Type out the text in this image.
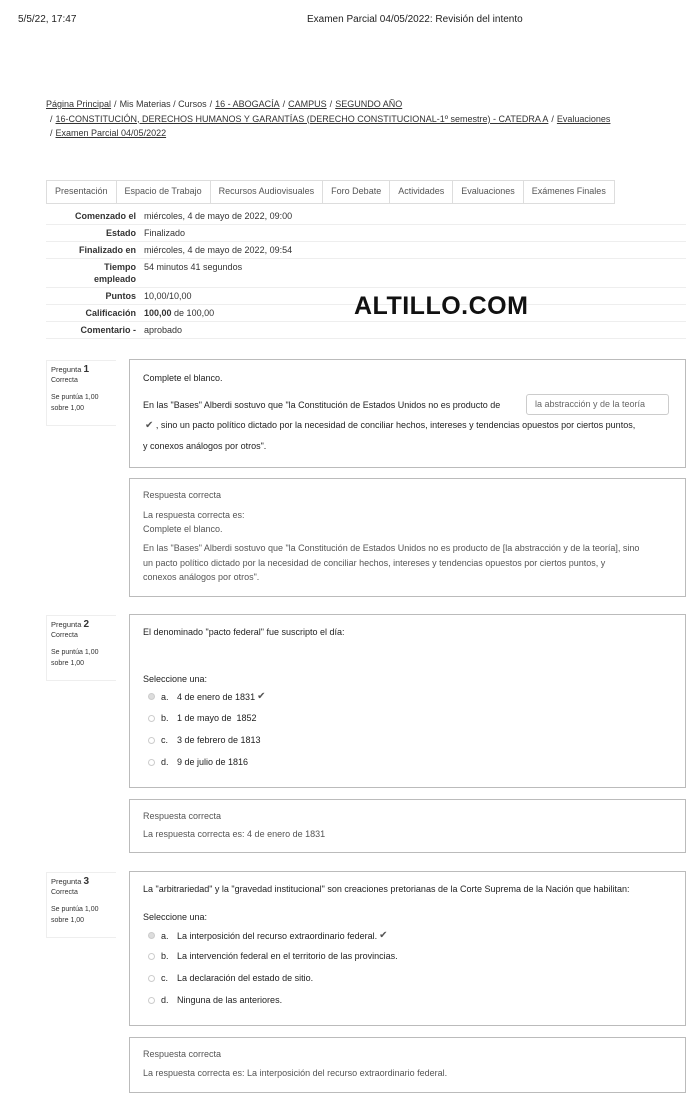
5/5/22, 17:47	Examen Parcial 04/05/2022: Revisión del intento
Página Principal / Mis Materias / Cursos / 16 - ABOGACÍA / CAMPUS / SEGUNDO AÑO
/ 16-CONSTITUCIÓN, DERECHOS HUMANOS Y GARANTÍAS (DERECHO CONSTITUCIONAL-1º semestre) - CATEDRA A / Evaluaciones
/ Examen Parcial 04/05/2022
Presentación	Espacio de Trabajo	Recursos Audiovisuales	Foro Debate	Actividades	Evaluaciones	Exámenes Finales
Comenzado el	miércoles, 4 de mayo de 2022, 09:00
Estado	Finalizado
Finalizado en	miércoles, 4 de mayo de 2022, 09:54
Tiempo
empleado	54 minutos 41 segundos
Puntos	10,00/10,00
Calificación	100,00 de 100,00
Comentario -	aprobado
ALTILLO.COM
Pregunta 1
Correcta
Se puntúa 1,00
sobre 1,00
Complete el blanco.
En las "Bases" Alberdi sostuvo que "la Constitución de Estados Unidos no es producto de	la abstracción y de la teoría
✔ , sino un pacto político dictado por la necesidad de conciliar hechos, intereses y tendencias opuestos por ciertos puntos,
y conexos análogos por otros".
Respuesta correcta
La respuesta correcta es:
Complete el blanco.
En las "Bases" Alberdi sostuvo que "la Constitución de Estados Unidos no es producto de [la abstracción y de la teoría], sino
un pacto político dictado por la necesidad de conciliar hechos, intereses y tendencias opuestos por ciertos puntos, y
conexos análogos por otros".
Pregunta 2
Correcta
Se puntúa 1,00
sobre 1,00
El denominado "pacto federal" fue suscripto el día:
Seleccione una:
a. 4 de enero de 1831 ✔
b. 1 de mayo de  1852
c. 3 de febrero de 1813
d. 9 de julio de 1816
Respuesta correcta
La respuesta correcta es: 4 de enero de 1831
Pregunta 3
Correcta
Se puntúa 1,00
sobre 1,00
La "arbitrariedad" y la "gravedad institucional" son creaciones pretorianas de la Corte Suprema de la Nación que habilitan:
Seleccione una:
a. La interposición del recurso extraordinario federal. ✔
b. La intervención federal en el territorio de las provincias.
c. La declaración del estado de sitio.
d. Ninguna de las anteriores.
Respuesta correcta
La respuesta correcta es: La interposición del recurso extraordinario federal.
